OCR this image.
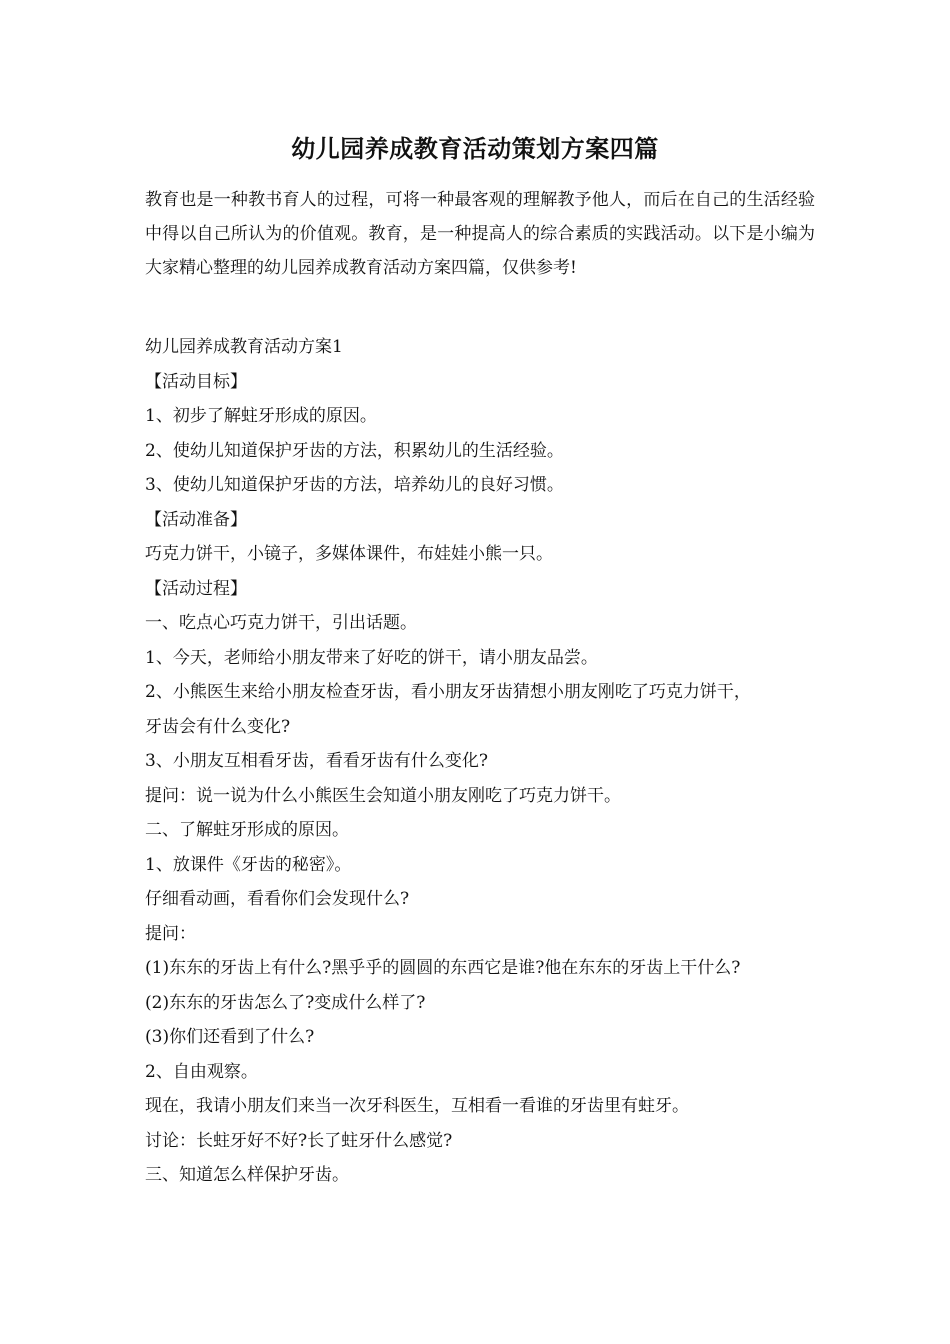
幼儿园养成教育活动策划方案四篇

教育也是一种教书育人的过程，可将一种最客观的理解教予他人，而后在自己的生活经验中得以自己所认为的价值观。教育，是一种提高人的综合素质的实践活动。以下是小编为大家精心整理的幼儿园养成教育活动方案四篇，仅供参考!

幼儿园养成教育活动方案1
【活动目标】
1、初步了解蛀牙形成的原因。
2、使幼儿知道保护牙齿的方法，积累幼儿的生活经验。
3、使幼儿知道保护牙齿的方法，培养幼儿的良好习惯。
【活动准备】
巧克力饼干，小镜子，多媒体课件，布娃娃小熊一只。
【活动过程】
一、吃点心巧克力饼干，引出话题。
1、今天，老师给小朋友带来了好吃的饼干，请小朋友品尝。
2、小熊医生来给小朋友检查牙齿，看小朋友牙齿猜想小朋友刚吃了巧克力饼干，
牙齿会有什么变化?
3、小朋友互相看牙齿，看看牙齿有什么变化?
提问：说一说为什么小熊医生会知道小朋友刚吃了巧克力饼干。
二、了解蛀牙形成的原因。
1、放课件《牙齿的秘密》。
仔细看动画，看看你们会发现什么?
提问：
(1)东东的牙齿上有什么?黑乎乎的圆圆的东西它是谁?他在东东的牙齿上干什么?
(2)东东的牙齿怎么了?变成什么样了?
(3)你们还看到了什么?
2、自由观察。
现在，我请小朋友们来当一次牙科医生，互相看一看谁的牙齿里有蛀牙。
讨论：长蛀牙好不好?长了蛀牙什么感觉?
三、知道怎么样保护牙齿。
